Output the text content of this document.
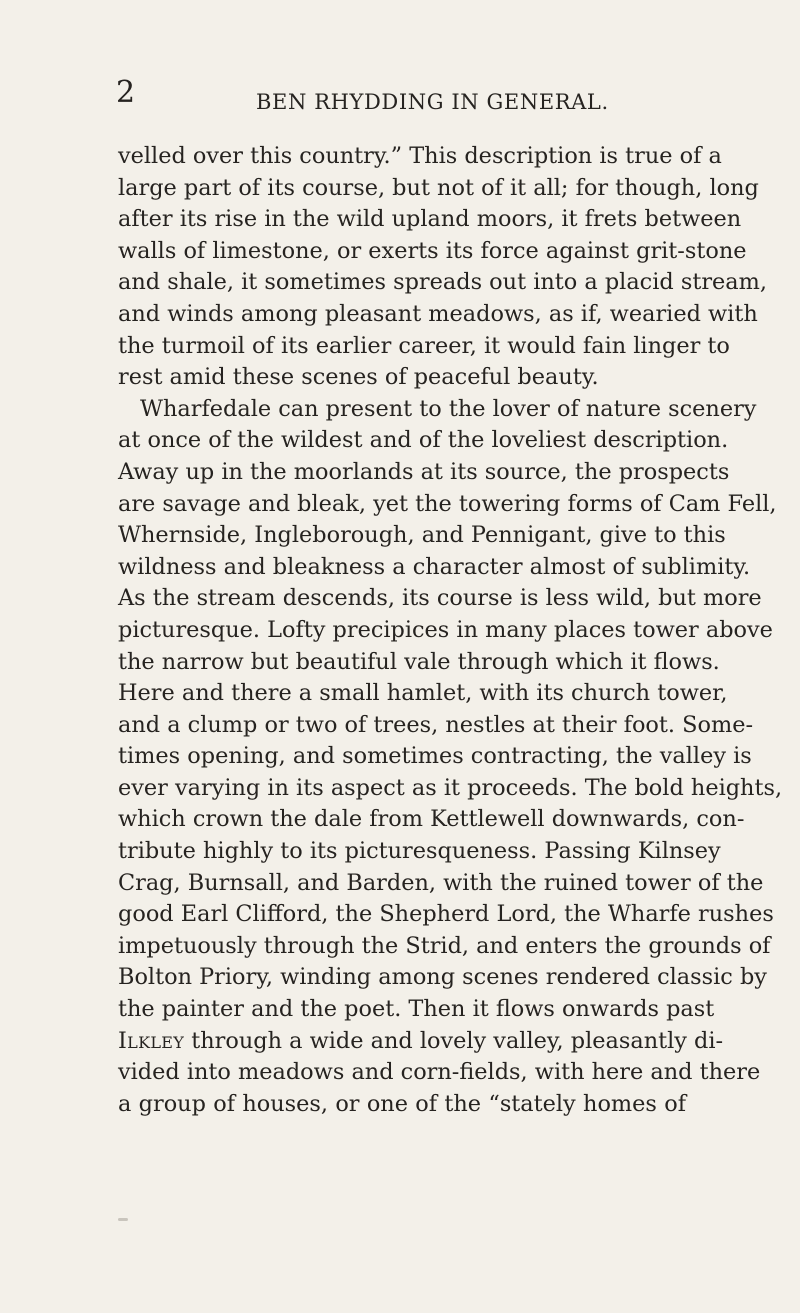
2	BEN RHYDDING IN GENERAL.
velled over this country.” This description is true of a
large part of its course, but not of it all; for though, long
after its rise in the wild upland moors, it frets between
walls of limestone, or exerts its force against grit-stone
and shale, it sometimes spreads out into a placid stream,
and winds among pleasant meadows, as if, wearied with
the turmoil of its earlier career, it would fain linger to
rest amid these scenes of peaceful beauty.
Wharfedale can present to the lover of nature scenery
at once of the wildest and of the loveliest description.
Away up in the moorlands at its source, the prospects
are savage and bleak, yet the towering forms of Cam Fell,
Whernside, Ingleborough, and Pennigant, give to this
wildness and bleakness a character almost of sublimity.
As the stream descends, its course is less wild, but more
picturesque. Lofty precipices in many places tower above
the narrow but beautiful vale through which it flows.
Here and there a small hamlet, with its church tower,
and a clump or two of trees, nestles at their foot. Some-
times opening, and sometimes contracting, the valley is
ever varying in its aspect as it proceeds. The bold heights,
which crown the dale from Kettlewell downwards, con-
tribute highly to its picturesqueness. Passing Kilnsey
Crag, Burnsall, and Barden, with the ruined tower of the
good Earl Clifford, the Shepherd Lord, the Wharfe rushes
impetuously through the Strid, and enters the grounds of
Bolton Priory, winding among scenes rendered classic by
the painter and the poet. Then it flows onwards past
Ilkley through a wide and lovely valley, pleasantly di-
vided into meadows and corn-fields, with here and there
a group of houses, or one of the “stately homes of
